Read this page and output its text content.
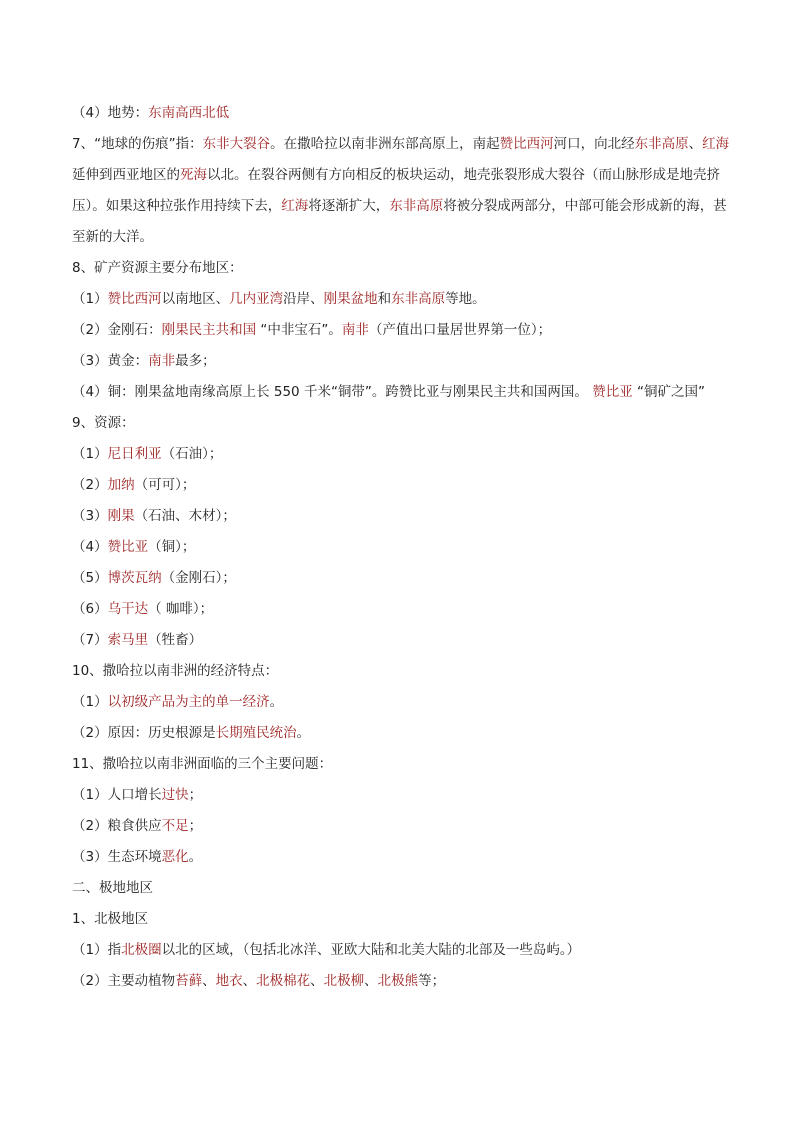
（4）地势：东南高西北低
7、“地球的伤痕”指：东非大裂谷。在撒哈拉以南非洲东部高原上，南起赞比西河河口，向北经东非高原、红海延伸到西亚地区的死海以北。在裂谷两侧有方向相反的板块运动，地壳张裂形成大裂谷（而山脉形成是地壳挤压）。如果这种拉张作用持续下去，红海将逐渐扩大，东非高原将被分裂成两部分，中部可能会形成新的海，甚至新的大洋。
8、矿产资源主要分布地区：
（1）赞比西河以南地区、几内亚湾沿岸、刚果盆地和东非高原等地。
（2）金刚石：刚果民主共和国 “中非宝石”。南非（产值出口量居世界第一位）；
（3）黄金：南非最多；
（4）铜：刚果盆地南缘高原上长 550 千米“铜带”。跨赞比亚与刚果民主共和国两国。 赞比亚 “铜矿之国”
9、资源：
（1）尼日利亚（石油）；
（2）加纳（可可）；
（3）刚果（石油、木材）；
（4）赞比亚（铜）；
（5）博茨瓦纳（金刚石）；
（6）乌干达（ 咖啡）；
（7）索马里（牲畜）
10、撒哈拉以南非洲的经济特点：
（1）以初级产品为主的单一经济。
（2）原因：历史根源是长期殖民统治。
11、撒哈拉以南非洲面临的三个主要问题：
（1）人口增长过快；
（2）粮食供应不足；
（3）生态环境恶化。
二、极地地区
1、北极地区
（1）指北极圈以北的区域，（包括北冰洋、亚欧大陆和北美大陆的北部及一些岛屿。）
（2）主要动植物苔藓、地衣、北极棉花、北极柳、北极熊等；
